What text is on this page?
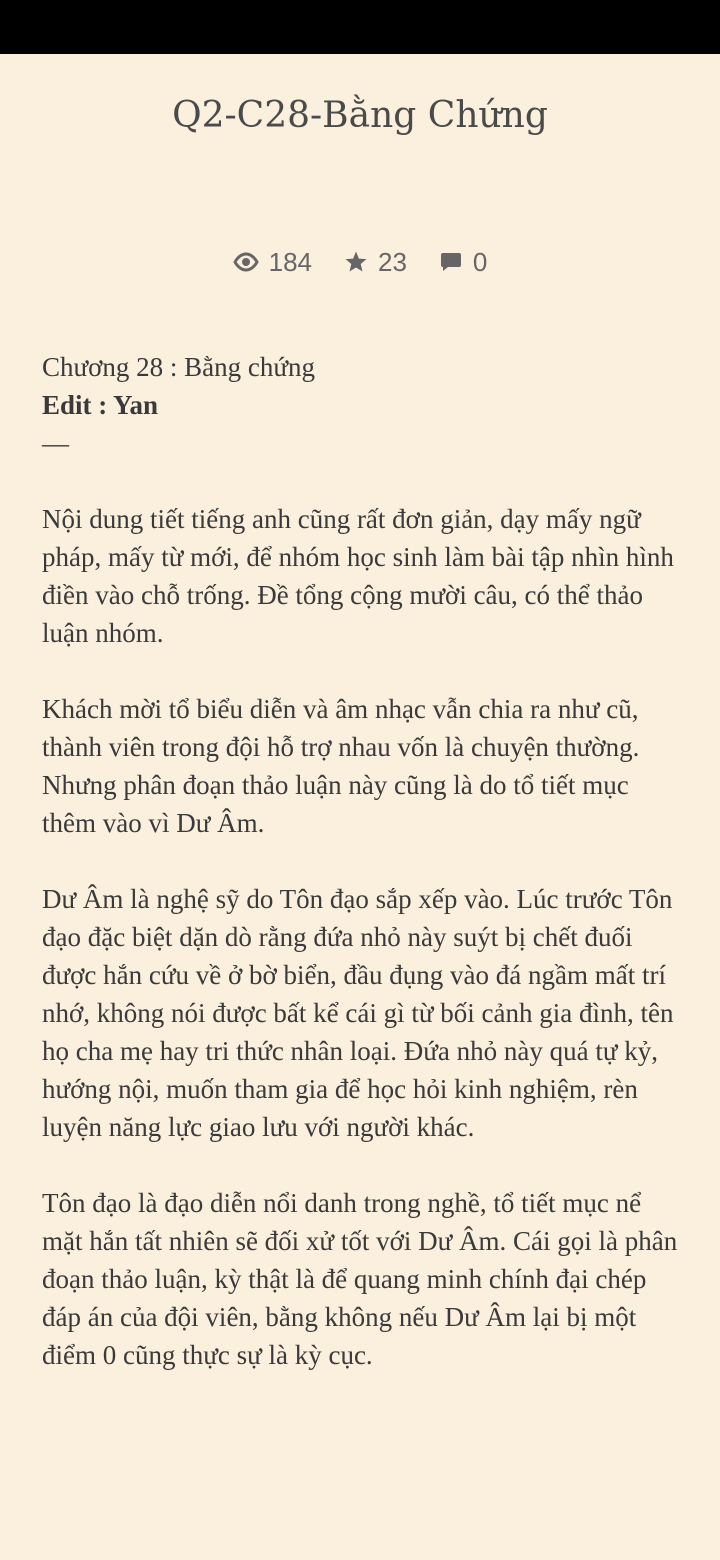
Q2-C28-Bằng Chứng
184	23	0

Chương 28 : Bằng chứng

Edit : Yan

—

Nội dung tiết tiếng anh cũng rất đơn giản, dạy mấy ngữ pháp, mấy từ mới, để nhóm học sinh làm bài tập nhìn hình điền vào chỗ trống. Đề tổng cộng mười câu, có thể thảo luận nhóm.

Khách mời tổ biểu diễn và âm nhạc vẫn chia ra như cũ, thành viên trong đội hỗ trợ nhau vốn là chuyện thường. Nhưng phân đoạn thảo luận này cũng là do tổ tiết mục thêm vào vì Dư Âm.

Dư Âm là nghệ sỹ do Tôn đạo sắp xếp vào. Lúc trước Tôn đạo đặc biệt dặn dò rằng đứa nhỏ này suýt bị chết đuối được hắn cứu về ở bờ biển, đầu đụng vào đá ngầm mất trí nhớ, không nói được bất kể cái gì từ bối cảnh gia đình, tên họ cha mẹ hay tri thức nhân loại. Đứa nhỏ này quá tự kỷ, hướng nội, muốn tham gia để học hỏi kinh nghiệm, rèn luyện năng lực giao lưu với người khác.

Tôn đạo là đạo diễn nổi danh trong nghề, tổ tiết mục nể mặt hắn tất nhiên sẽ đối xử tốt với Dư Âm. Cái gọi là phân đoạn thảo luận, kỳ thật là để quang minh chính đại chép đáp án của đội viên, bằng không nếu Dư Âm lại bị một điểm 0 cũng thực sự là kỳ cục.
